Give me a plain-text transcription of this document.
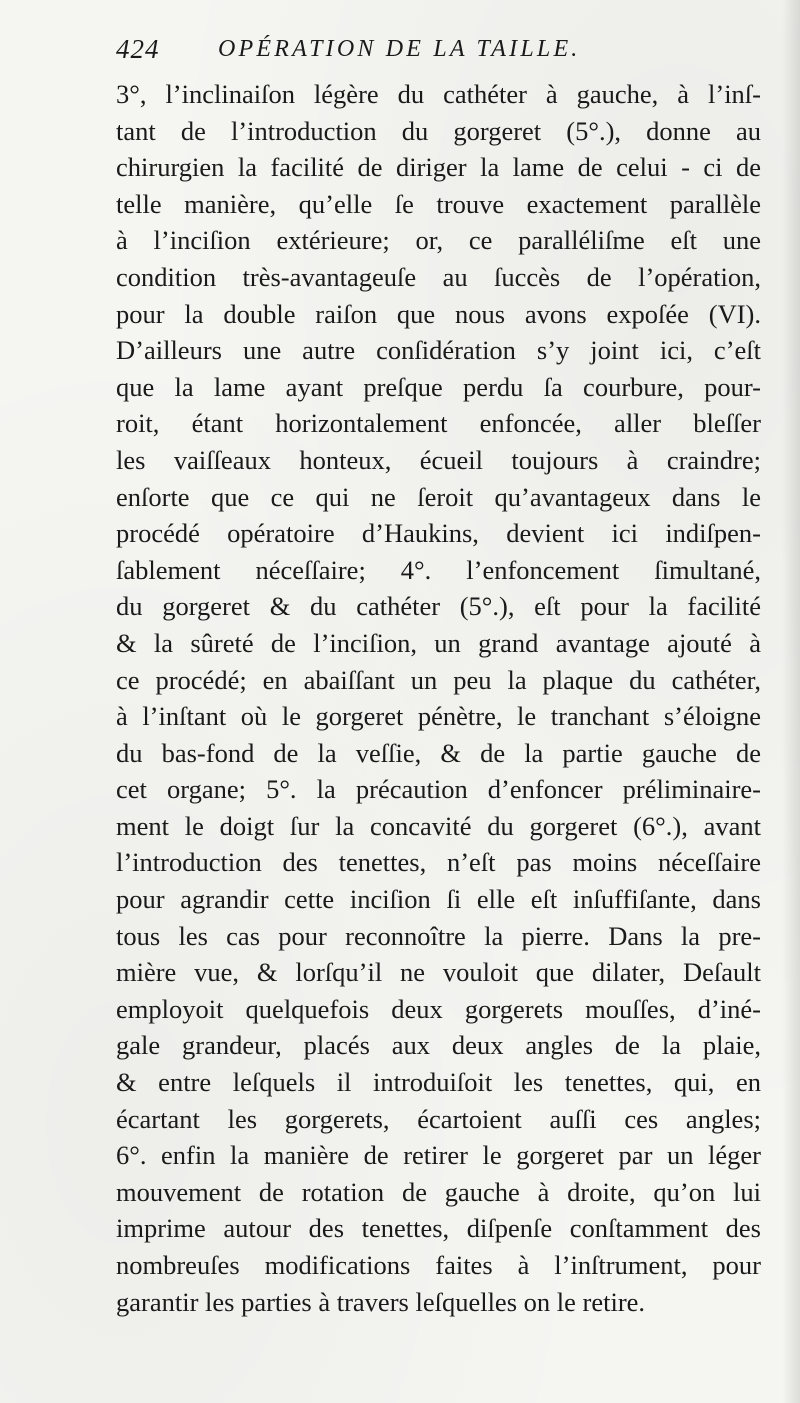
424 OPÉRATION DE LA TAILLE.
3°, l’inclinaiſon légère du cathéter à gauche, à l’inſ-
tant de l’introduction du gorgeret (5°.), donne au
chirurgien la facilité de diriger la lame de celui - ci de
telle manière, qu’elle ſe trouve exactement parallèle
à l’inciſion extérieure; or, ce paralléliſme eſt une
condition très-avantageuſe au ſuccès de l’opération,
pour la double raiſon que nous avons expoſée (VI).
D’ailleurs une autre conſidération s’y joint ici, c’eſt
que la lame ayant preſque perdu ſa courbure, pour-
roit, étant horizontalement enfoncée, aller bleſſer
les vaiſſeaux honteux, écueil toujours à craindre;
enſorte que ce qui ne ſeroit qu’avantageux dans le
procédé opératoire d’Haukins, devient ici indiſpen-
ſablement néceſſaire; 4°. l’enfoncement ſimultané,
du gorgeret & du cathéter (5°.), eſt pour la facilité
& la sûreté de l’inciſion, un grand avantage ajouté à
ce procédé; en abaiſſant un peu la plaque du cathéter,
à l’inſtant où le gorgeret pénètre, le tranchant s’éloigne
du bas-fond de la veſſie, & de la partie gauche de
cet organe; 5°. la précaution d’enfoncer préliminaire-
ment le doigt ſur la concavité du gorgeret (6°.), avant
l’introduction des tenettes, n’eſt pas moins néceſſaire
pour agrandir cette inciſion ſi elle eſt inſuffiſante, dans
tous les cas pour reconnoître la pierre. Dans la pre-
mière vue, & lorſqu’il ne vouloit que dilater, Deſault
employoit quelquefois deux gorgerets mouſſes, d’iné-
gale grandeur, placés aux deux angles de la plaie,
& entre leſquels il introduiſoit les tenettes, qui, en
écartant les gorgerets, écartoient auſſi ces angles;
6°. enfin la manière de retirer le gorgeret par un léger
mouvement de rotation de gauche à droite, qu’on lui
imprime autour des tenettes, diſpenſe conſtamment des
nombreuſes modifications faites à l’inſtrument, pour
garantir les parties à travers leſquelles on le retire.
